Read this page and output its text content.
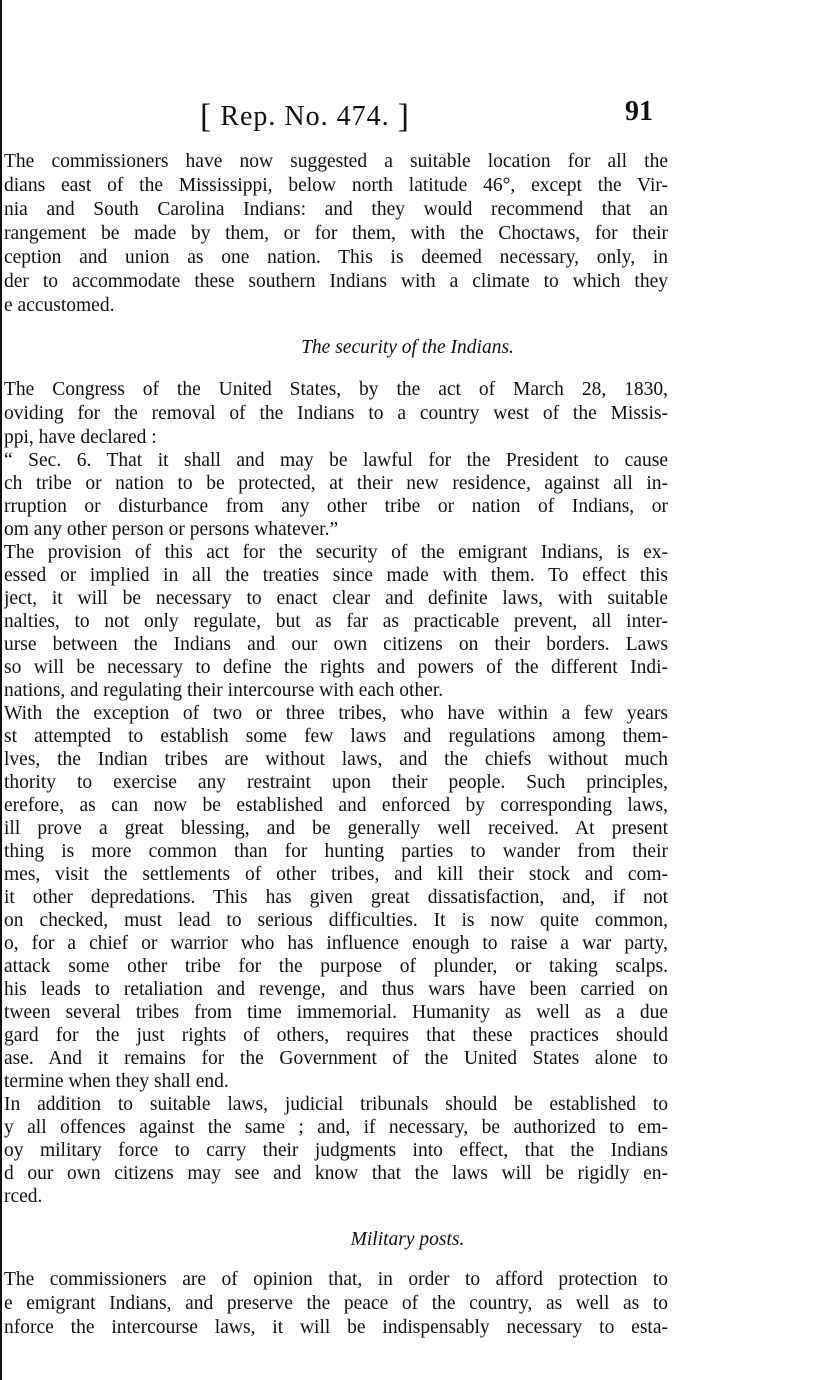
[ Rep. No. 474. ]	91
The commissioners have now suggested a suitable location for all the
dians east of the Mississippi, below north latitude 46°, except the Vir-
nia and South Carolina Indians: and they would recommend that an
rangement be made by them, or for them, with the Choctaws, for their
ception and union as one nation. This is deemed necessary, only, in
der to accommodate these southern Indians with a climate to which they
e accustomed.
The security of the Indians.
The Congress of the United States, by the act of March 28, 1830,
oviding for the removal of the Indians to a country west of the Missis-
ppi, have declared :
“ Sec. 6. That it shall and may be lawful for the President to cause
ch tribe or nation to be protected, at their new residence, against all in-
rruption or disturbance from any other tribe or nation of Indians, or
om any other person or persons whatever.”
The provision of this act for the security of the emigrant Indians, is ex-
essed or implied in all the treaties since made with them. To effect this
ject, it will be necessary to enact clear and definite laws, with suitable
nalties, to not only regulate, but as far as practicable prevent, all inter-
urse between the Indians and our own citizens on their borders. Laws
so will be necessary to define the rights and powers of the different Indi-
nations, and regulating their intercourse with each other.
With the exception of two or three tribes, who have within a few years
st attempted to establish some few laws and regulations among them-
lves, the Indian tribes are without laws, and the chiefs without much
thority to exercise any restraint upon their people. Such principles,
erefore, as can now be established and enforced by corresponding laws,
ill prove a great blessing, and be generally well received. At present
thing is more common than for hunting parties to wander from their
mes, visit the settlements of other tribes, and kill their stock and com-
it other depredations. This has given great dissatisfaction, and, if not
on checked, must lead to serious difficulties. It is now quite common,
o, for a chief or warrior who has influence enough to raise a war party,
attack some other tribe for the purpose of plunder, or taking scalps.
his leads to retaliation and revenge, and thus wars have been carried on
tween several tribes from time immemorial. Humanity as well as a due
gard for the just rights of others, requires that these practices should
ase. And it remains for the Government of the United States alone to
termine when they shall end.
In addition to suitable laws, judicial tribunals should be established to
y all offences against the same ; and, if necessary, be authorized to em-
oy military force to carry their judgments into effect, that the Indians
d our own citizens may see and know that the laws will be rigidly en-
rced.
Military posts.
The commissioners are of opinion that, in order to afford protection to
e emigrant Indians, and preserve the peace of the country, as well as to
nforce the intercourse laws, it will be indispensably necessary to esta-
